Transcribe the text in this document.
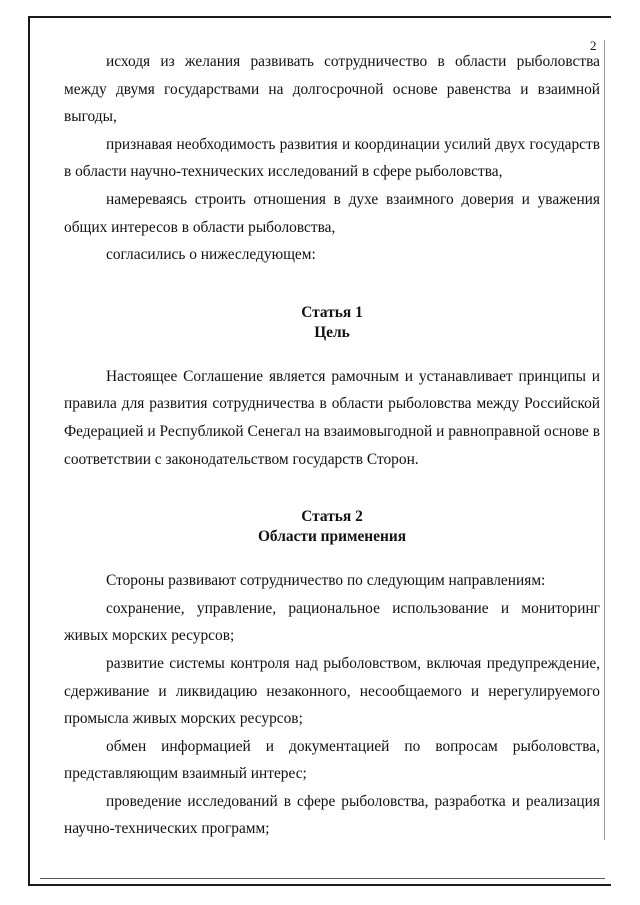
2

исходя из желания развивать сотрудничество в области рыболовства между двумя государствами на долгосрочной основе равенства и взаимной выгоды,

признавая необходимость развития и координации усилий двух государств в области научно-технических исследований в сфере рыболовства,

намереваясь строить отношения в духе взаимного доверия и уважения общих интересов в области рыболовства,

согласились о нижеследующем:

Статья 1

Цель

Настоящее Соглашение является рамочным и устанавливает принципы и правила для развития сотрудничества в области рыболовства между Российской Федерацией и Республикой Сенегал на взаимовыгодной и равноправной основе в соответствии с законодательством государств Сторон.

Статья 2

Области применения

Стороны развивают сотрудничество по следующим направлениям:

сохранение, управление, рациональное использование и мониторинг живых морских ресурсов;

развитие системы контроля над рыболовством, включая предупреждение, сдерживание и ликвидацию незаконного, несообщаемого и нерегулируемого промысла живых морских ресурсов;

обмен информацией и документацией по вопросам рыболовства, представляющим взаимный интерес;

проведение исследований в сфере рыболовства, разработка и реализация научно-технических программ;
